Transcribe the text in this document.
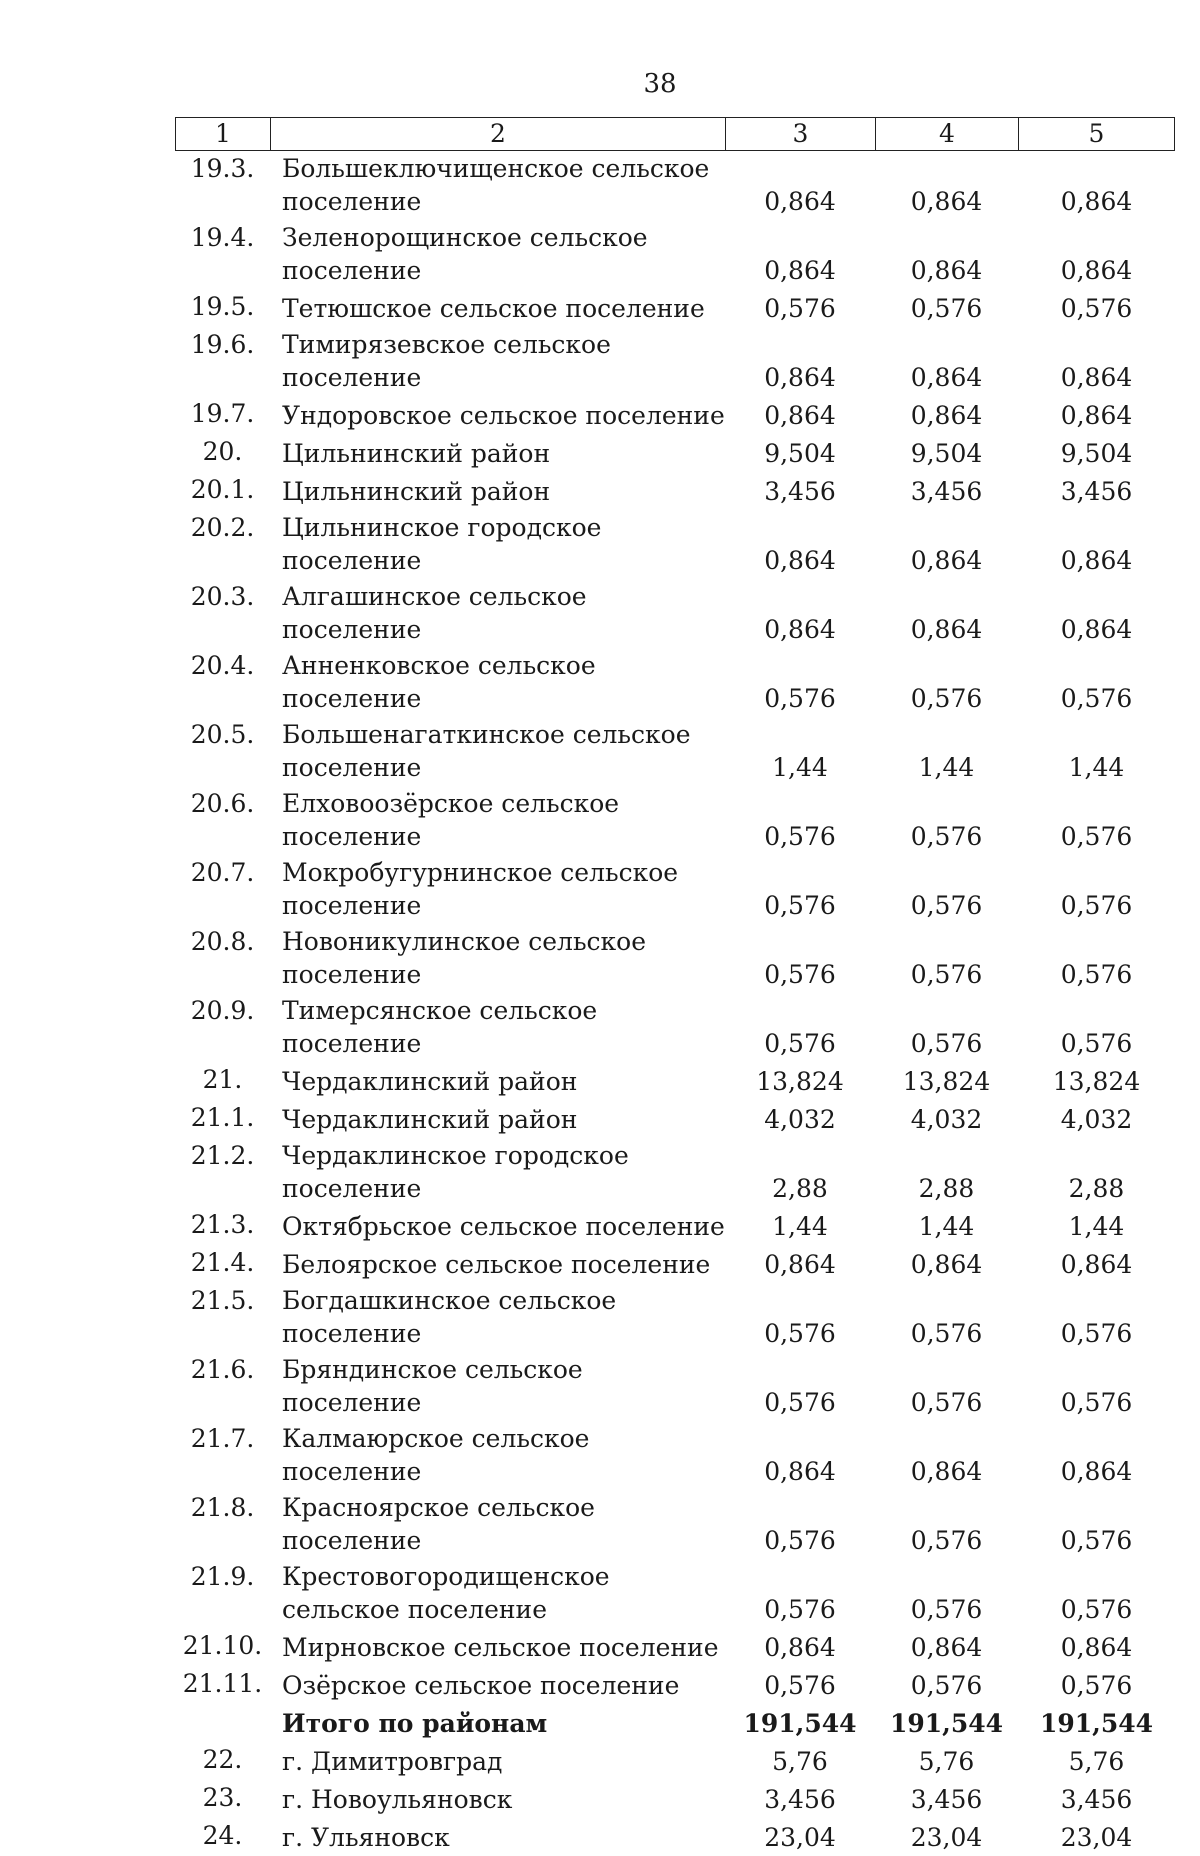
38
1	2	3	4	5
19.3.	Большеключищенское сельское поселение	0,864	0,864	0,864
19.4.	Зеленорощинское сельское поселение	0,864	0,864	0,864
19.5.	Тетюшское сельское поселение	0,576	0,576	0,576
19.6.	Тимирязевское сельское поселение	0,864	0,864	0,864
19.7.	Ундоровское сельское поселение	0,864	0,864	0,864
20.	Цильнинский район	9,504	9,504	9,504
20.1.	Цильнинский район	3,456	3,456	3,456
20.2.	Цильнинское городское поселение	0,864	0,864	0,864
20.3.	Алгашинское сельское поселение	0,864	0,864	0,864
20.4.	Анненковское сельское поселение	0,576	0,576	0,576
20.5.	Большенагаткинское сельское поселение	1,44	1,44	1,44
20.6.	Елховоозёрское сельское поселение	0,576	0,576	0,576
20.7.	Мокробугурнинское сельское поселение	0,576	0,576	0,576
20.8.	Новоникулинское сельское поселение	0,576	0,576	0,576
20.9.	Тимерсянское сельское поселение	0,576	0,576	0,576
21.	Чердаклинский район	13,824	13,824	13,824
21.1.	Чердаклинский район	4,032	4,032	4,032
21.2.	Чердаклинское городское поселение	2,88	2,88	2,88
21.3.	Октябрьское сельское поселение	1,44	1,44	1,44
21.4.	Белоярское сельское поселение	0,864	0,864	0,864
21.5.	Богдашкинское сельское поселение	0,576	0,576	0,576
21.6.	Бряндинское сельское поселение	0,576	0,576	0,576
21.7.	Калмаюрское сельское поселение	0,864	0,864	0,864
21.8.	Красноярское сельское поселение	0,576	0,576	0,576
21.9.	Крестовогородищенское сельское поселение	0,576	0,576	0,576
21.10. Мирновское сельское поселение	0,864	0,864	0,864
21.11. Озёрское сельское поселение	0,576	0,576	0,576
Итого по районам	191,544	191,544	191,544
22.	г. Димитровград	5,76	5,76	5,76
23.	г. Новоульяновск	3,456	3,456	3,456
24.	г. Ульяновск	23,04	23,04	23,04
